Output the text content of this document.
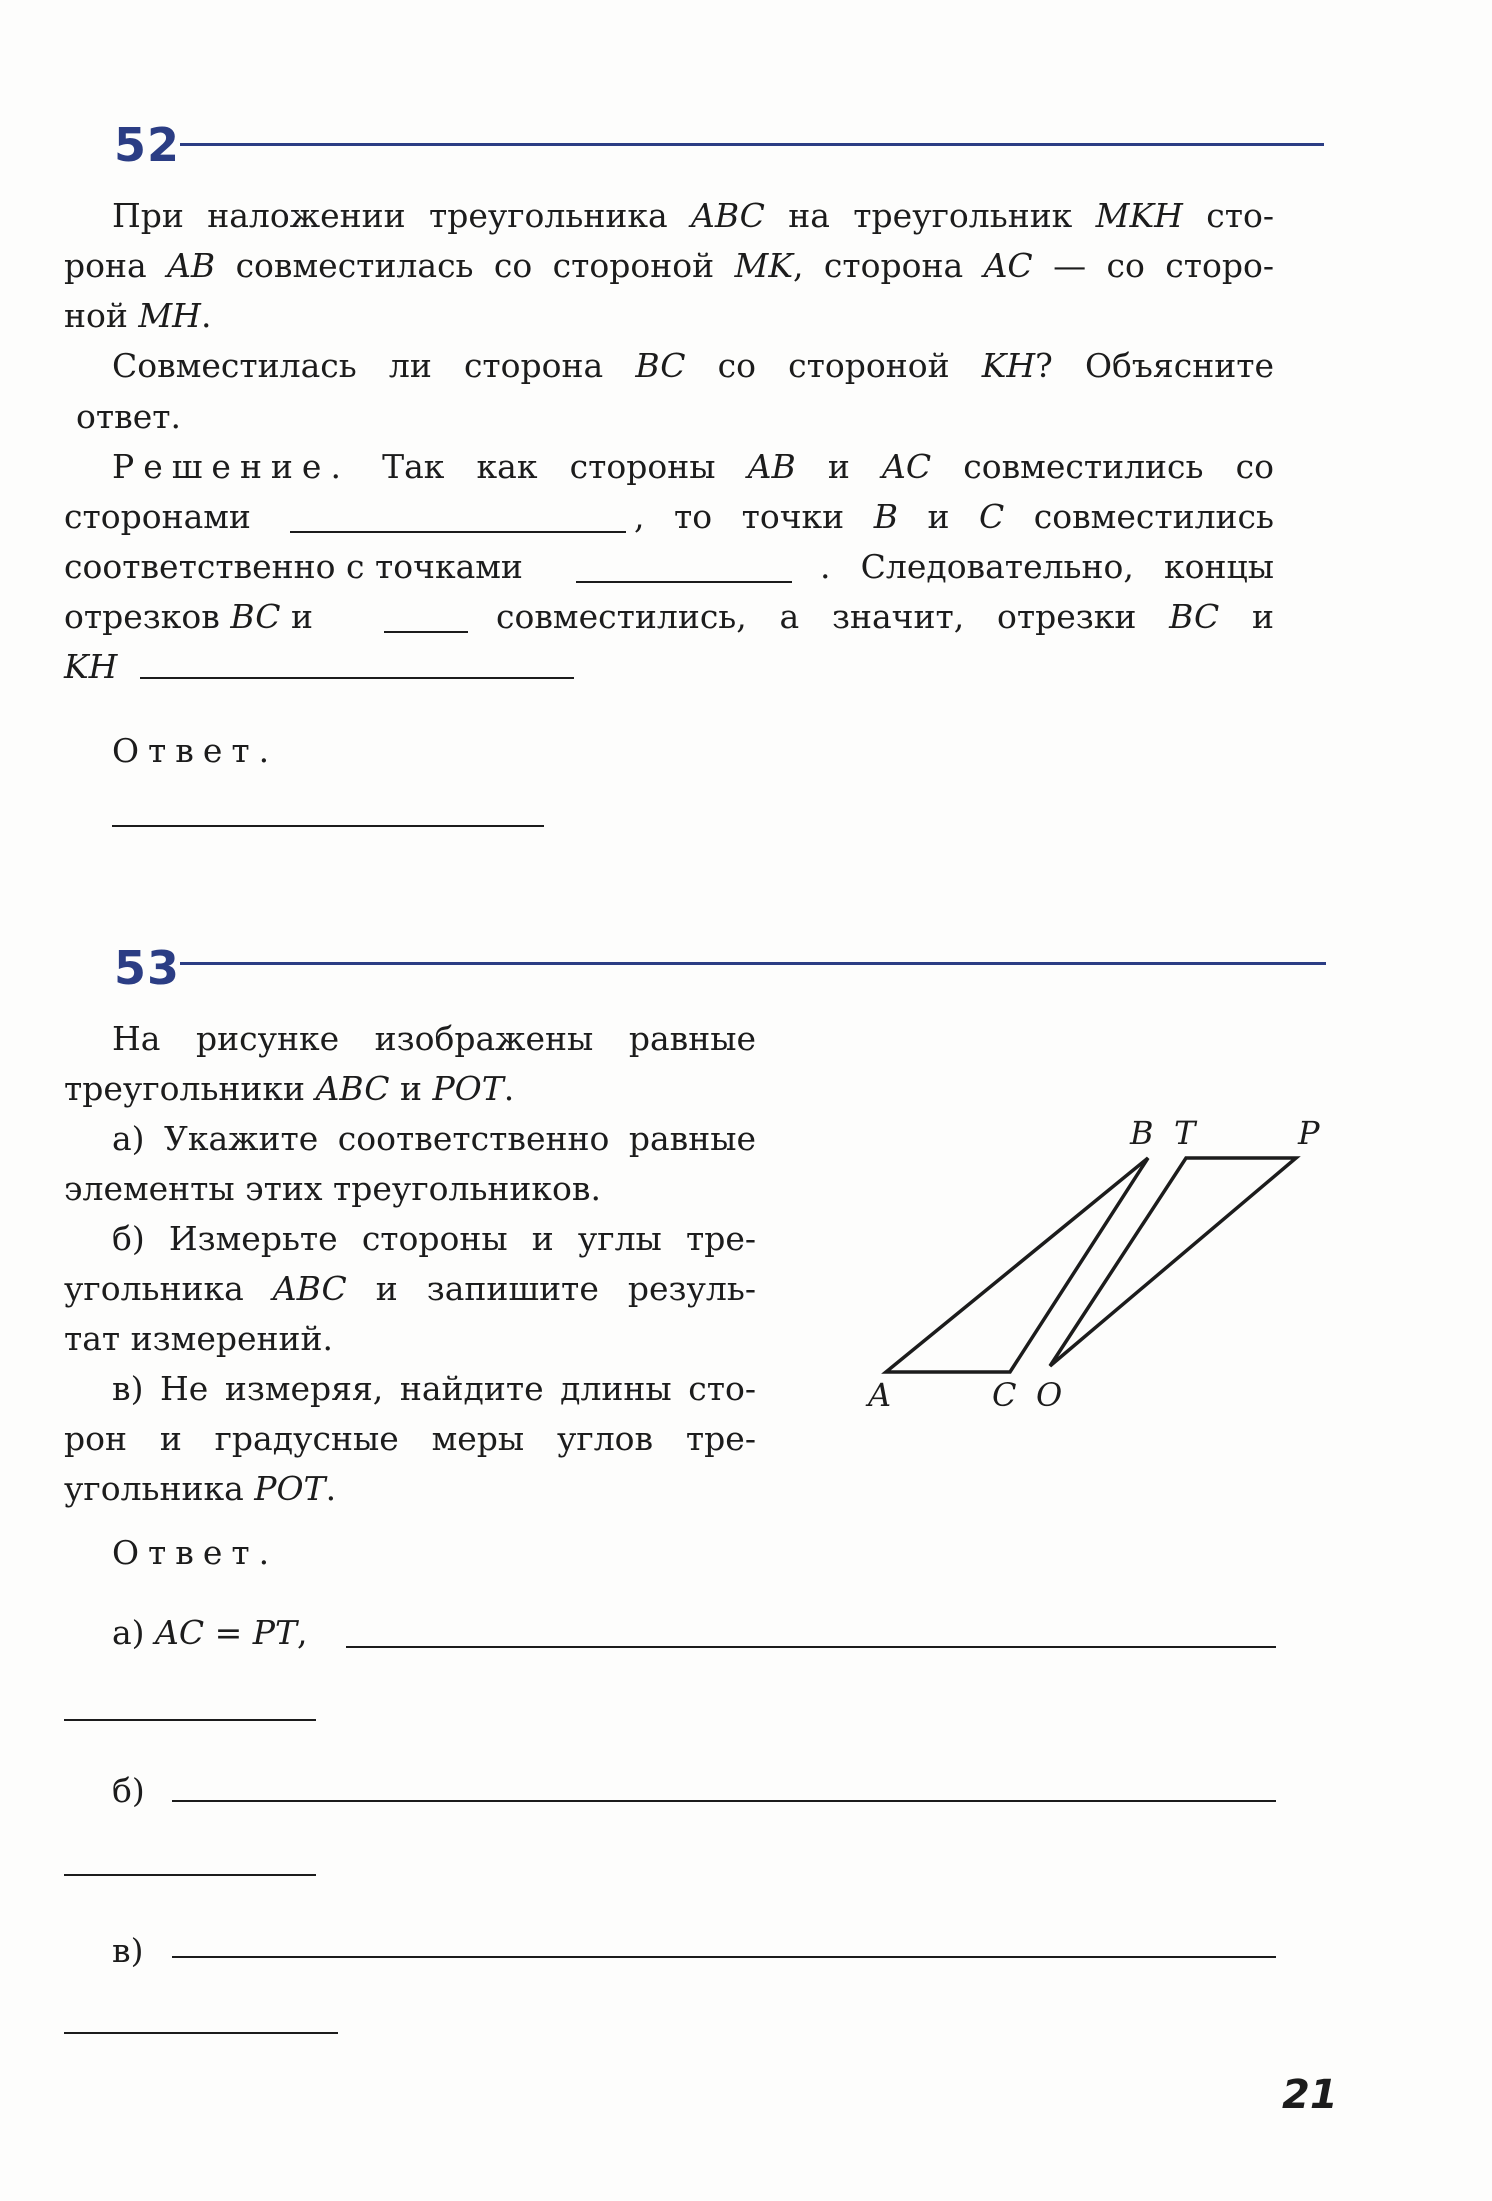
52
При наложении треугольника ABC на треугольник MKH сто-
рона AB совместилась со стороной MK, сторона AC — со сторо-
ной MH.
Совместилась ли сторона BC со стороной KH? Объясните
ответ.
Решение. Так как стороны AB и AC совместились со
сторонами	, то точки B и C совместились
соответственно с точками	. Следовательно, концы
отрезков BC и	совместились, а значит, отрезки BC и
KH
Ответ.
53
На рисунке изображены равные
треугольники ABC и POT.
а) Укажите соответственно равные
элементы этих треугольников.
б) Измерьте стороны и углы тре-
угольника ABC и запишите резуль-
тат измерений.
в) Не измеряя, найдите длины сто-
рон и градусные меры углов тре-
угольника POT.
A	C O
B T	P
Ответ.
а) AC = PT,
б)
в)
21
